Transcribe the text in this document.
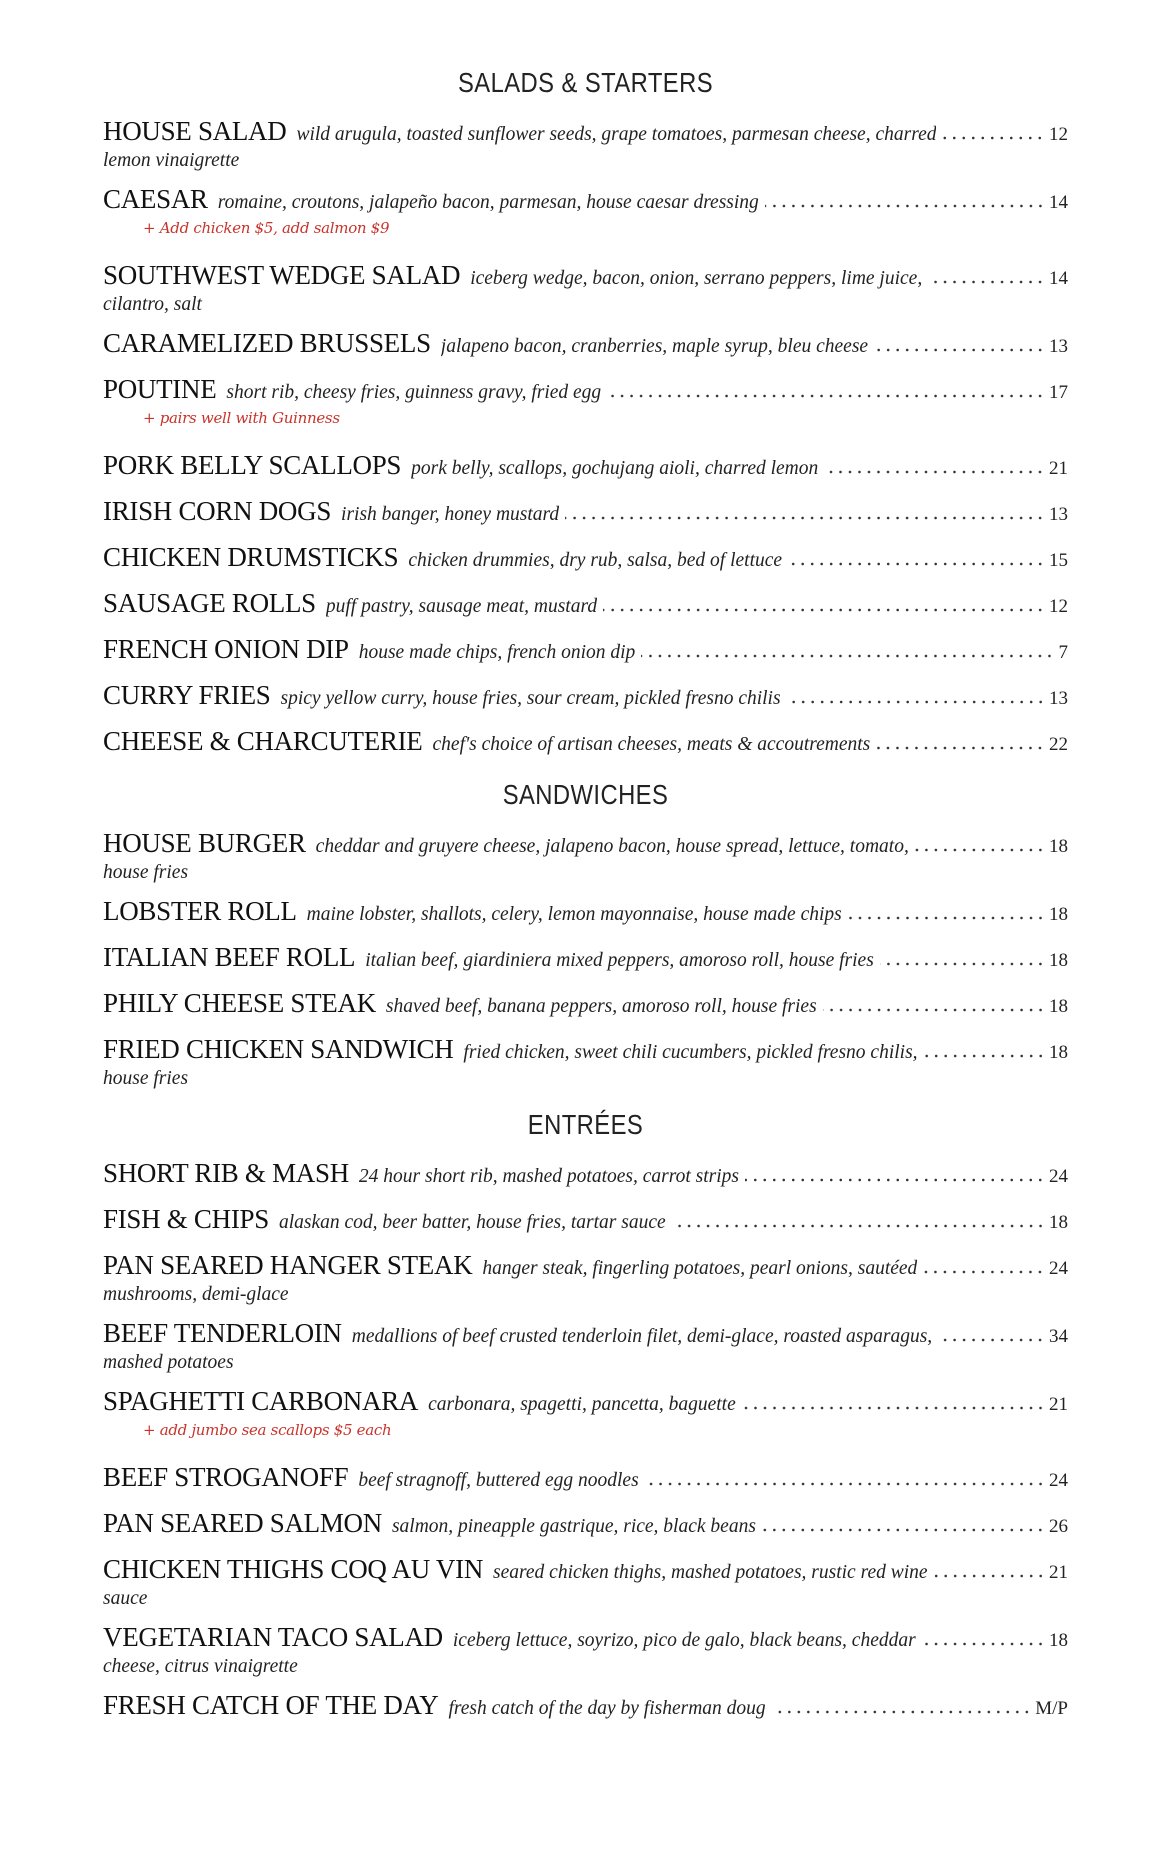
SALADS & STARTERS
HOUSE SALAD wild arugula, toasted sunflower seeds, grape tomatoes, parmesan cheese, charred	12
lemon vinaigrette
CAESAR romaine, croutons, jalapeño bacon, parmesan, house caesar dressing	14
+ Add chicken $5, add salmon $9
SOUTHWEST WEDGE SALAD iceberg wedge, bacon, onion, serrano peppers, lime juice,	14
cilantro, salt
CARAMELIZED BRUSSELS jalapeno bacon, cranberries, maple syrup, bleu cheese	13
POUTINE short rib, cheesy fries, guinness gravy, fried egg	17
+ pairs well with Guinness
PORK BELLY SCALLOPS pork belly, scallops, gochujang aioli, charred lemon	21
IRISH CORN DOGS irish banger, honey mustard	13
CHICKEN DRUMSTICKS chicken drummies, dry rub, salsa, bed of lettuce	15
SAUSAGE ROLLS puff pastry, sausage meat, mustard	12
FRENCH ONION DIP house made chips, french onion dip	7
CURRY FRIES spicy yellow curry, house fries, sour cream, pickled fresno chilis	13
CHEESE & CHARCUTERIE chef's choice of artisan cheeses, meats & accoutrements	22
SANDWICHES
HOUSE BURGER cheddar and gruyere cheese, jalapeno bacon, house spread, lettuce, tomato,	18
house fries
LOBSTER ROLL maine lobster, shallots, celery, lemon mayonnaise, house made chips	18
ITALIAN BEEF ROLL italian beef, giardiniera mixed peppers, amoroso roll, house fries	18
PHILY CHEESE STEAK shaved beef, banana peppers, amoroso roll, house fries	18
FRIED CHICKEN SANDWICH fried chicken, sweet chili cucumbers, pickled fresno chilis,	18
house fries
ENTRÉES
SHORT RIB & MASH 24 hour short rib, mashed potatoes, carrot strips	24
FISH & CHIPS alaskan cod, beer batter, house fries, tartar sauce	18
PAN SEARED HANGER STEAK hanger steak, fingerling potatoes, pearl onions, sautéed	24
mushrooms, demi-glace
BEEF TENDERLOIN medallions of beef crusted tenderloin filet, demi-glace, roasted asparagus,	34
mashed potatoes
SPAGHETTI CARBONARA carbonara, spagetti, pancetta, baguette	21
+ add jumbo sea scallops $5 each
BEEF STROGANOFF beef stragnoff, buttered egg noodles	24
PAN SEARED SALMON salmon, pineapple gastrique, rice, black beans	26
CHICKEN THIGHS COQ AU VIN seared chicken thighs, mashed potatoes, rustic red wine	21
sauce
VEGETARIAN TACO SALAD iceberg lettuce, soyrizo, pico de galo, black beans, cheddar	18
cheese, citrus vinaigrette
FRESH CATCH OF THE DAY fresh catch of the day by fisherman doug	M/P
